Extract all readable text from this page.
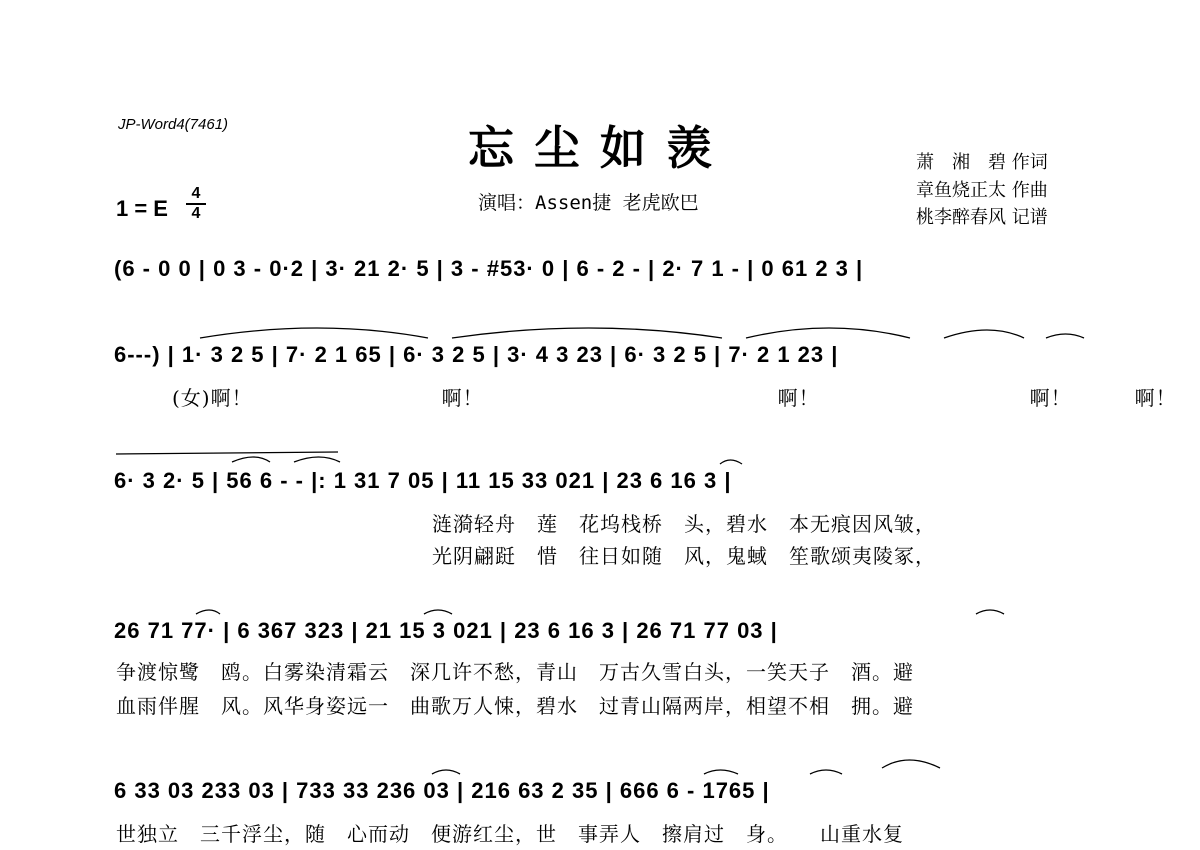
JP-Word4(7461)	忘尘如羡
1 = E
4
4	演唱：Assen捷 老虎欧巴
萧　湘　碧 作词
章鱼烧正太 作曲
桃李醉春风 记谱
(6 - 0 0 | 0 3 - 0·2 | 3· 21 2· 5 | 3 - #53· 0 | 6 - 2 - | 2· 7 1 - | 0 61 2 3 |
6---) | 1· 3 2 5 | 7· 2 1 65 | 6· 3 2 5 | 3· 4 3 23 | 6· 3 2 5 | 7· 2 1 23 |
(女)啊！　　　　　　　　　啊！　　　　　　　　　　　　　　啊！　　　　　　　　　　啊！　　　啊！
6· 3 2· 5 | 56 6 - - |: 1 31 7 05 | 11 15 33 021 | 23 6 16 3 |
涟漪轻舟　莲　花坞栈桥　头，碧水　本无痕因风皱，
光阴翩跹　惜　往日如随　风，鬼蜮　笙歌颂夷陵冢，
26 71 77· | 6 367 323 | 21 15 3 021 | 23 6 16 3 | 26 71 77 03 |
争渡惊鹭　鸥。白雾染清霜云　深几许不愁，青山　万古久雪白头，一笑天子　酒。避
血雨伴腥　风。风华身姿远一　曲歌万人悚，碧水　过青山隔两岸，相望不相　拥。避
6 33 03 233 03 | 733 33 236 03 | 216 63 2 35 | 666 6 - 1765 |
世独立　三千浮尘，随　心而动　便游红尘，世　事弄人　擦肩过　身。　　山重水复
